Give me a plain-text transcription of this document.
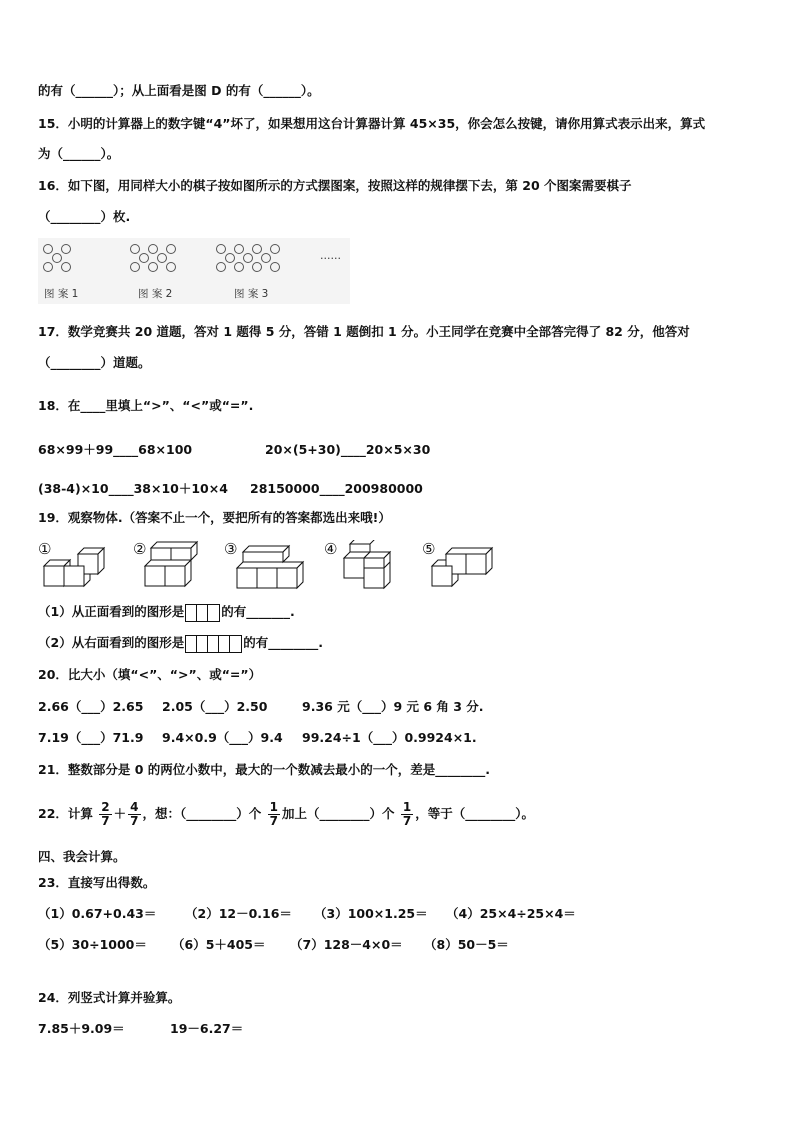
的有（______）；从上面看是图 D 的有（______）。
15．小明的计算器上的数字键“4”坏了，如果想用这台计算器计算 45×35，你会怎么按键，请你用算式表示出来，算式
为（______）。
16．如下图，用同样大小的棋子按如图所示的方式摆图案，按照这样的规律摆下去，第 20 个图案需要棋子
（________）枚.
图 案 1	图 案 2	图 案 3
……
17．数学竞赛共 20 道题，答对 1 题得 5 分，答错 1 题倒扣 1 分。小王同学在竞赛中全部答完得了 82 分，他答对
（________）道题。
18．在____里填上“>”、“<”或“=”.
68×99＋99____68×100	20×(5+30)____20×5×30
(38-4)×10____38×10＋10×4 28150000____200980000
19．观察物体.（答案不止一个，要把所有的答案都选出来哦!）
①	②	③	④	⑤
（1）从正面看到的图形是	的有_______.
（2）从右面看到的图形是	的有________.
20．比大小（填“<”、“>”、或“=”）
2.66（___）2.65 2.05（___）2.50	9.36 元（___）9 元 6 角 3 分.
7.19（___）71.9 9.4×0.9（___）9.4 99.24÷1（___）0.9924×1.
21．整数部分是 0 的两位小数中，最大的一个数减去最小的一个，差是________.
22．计算 $\frac{2}{7} + \frac{4}{7}$ ，想：（________）个 $\frac{1}{7}$ 加上（________）个 $\frac{1}{7}$ ，等于（________）。
四、我会计算。
23．直接写出得数。
（1）0.67+0.43＝ （2）12－0.16＝ （3）100×1.25＝ （4）25×4÷25×4＝
（5）30÷1000＝ （6）5＋405＝ （7）128－4×0＝ （8）50－5＝
24．列竖式计算并验算。
7.85＋9.09＝	19－6.27＝
